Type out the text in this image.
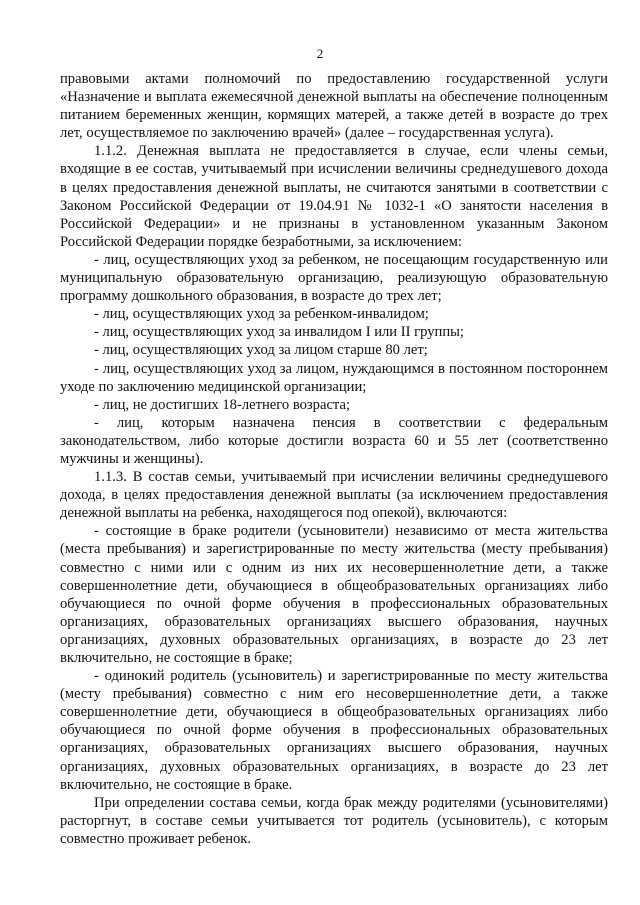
2

правовыми актами полномочий по предоставлению государственной услуги «Назначение и выплата ежемесячной денежной выплаты на обеспечение полноценным питанием беременных женщин, кормящих матерей, а также детей в возрасте до трех лет, осуществляемое по заключению врачей» (далее – государственная услуга).

1.1.2. Денежная выплата не предоставляется в случае, если члены семьи, входящие в ее состав, учитываемый при исчислении величины среднедушевого дохода в целях предоставления денежной выплаты, не считаются занятыми в соответствии с Законом Российской Федерации от 19.04.91 № 1032-1 «О занятости населения в Российской Федерации» и не признаны в установленном указанным Законом Российской Федерации порядке безработными, за исключением:

- лиц, осуществляющих уход за ребенком, не посещающим государственную или муниципальную образовательную организацию, реализующую образовательную программу дошкольного образования, в возрасте до трех лет;

- лиц, осуществляющих уход за ребенком-инвалидом;

- лиц, осуществляющих уход за инвалидом I или II группы;

- лиц, осуществляющих уход за лицом старше 80 лет;

- лиц, осуществляющих уход за лицом, нуждающимся в постоянном постороннем уходе по заключению медицинской организации;

- лиц, не достигших 18-летнего возраста;

- лиц, которым назначена пенсия в соответствии с федеральным законодательством, либо которые достигли возраста 60 и 55 лет (соответственно мужчины и женщины).

1.1.3. В состав семьи, учитываемый при исчислении величины среднедушевого дохода, в целях предоставления денежной выплаты (за исключением предоставления денежной выплаты на ребенка, находящегося под опекой), включаются:

- состоящие в браке родители (усыновители) независимо от места жительства (места пребывания) и зарегистрированные по месту жительства (месту пребывания) совместно с ними или с одним из них их несовершеннолетние дети, а также совершеннолетние дети, обучающиеся в общеобразовательных организациях либо обучающиеся по очной форме обучения в профессиональных образовательных организациях, образовательных организациях высшего образования, научных организациях, духовных образовательных организациях, в возрасте до 23 лет включительно, не состоящие в браке;

- одинокий родитель (усыновитель) и зарегистрированные по месту жительства (месту пребывания) совместно с ним его несовершеннолетние дети, а также совершеннолетние дети, обучающиеся в общеобразовательных организациях либо обучающиеся по очной форме обучения в профессиональных образовательных организациях, образовательных организациях высшего образования, научных организациях, духовных образовательных организациях, в возрасте до 23 лет включительно, не состоящие в браке.

При определении состава семьи, когда брак между родителями (усыновителями) расторгнут, в составе семьи учитывается тот родитель (усыновитель), с которым совместно проживает ребенок.
